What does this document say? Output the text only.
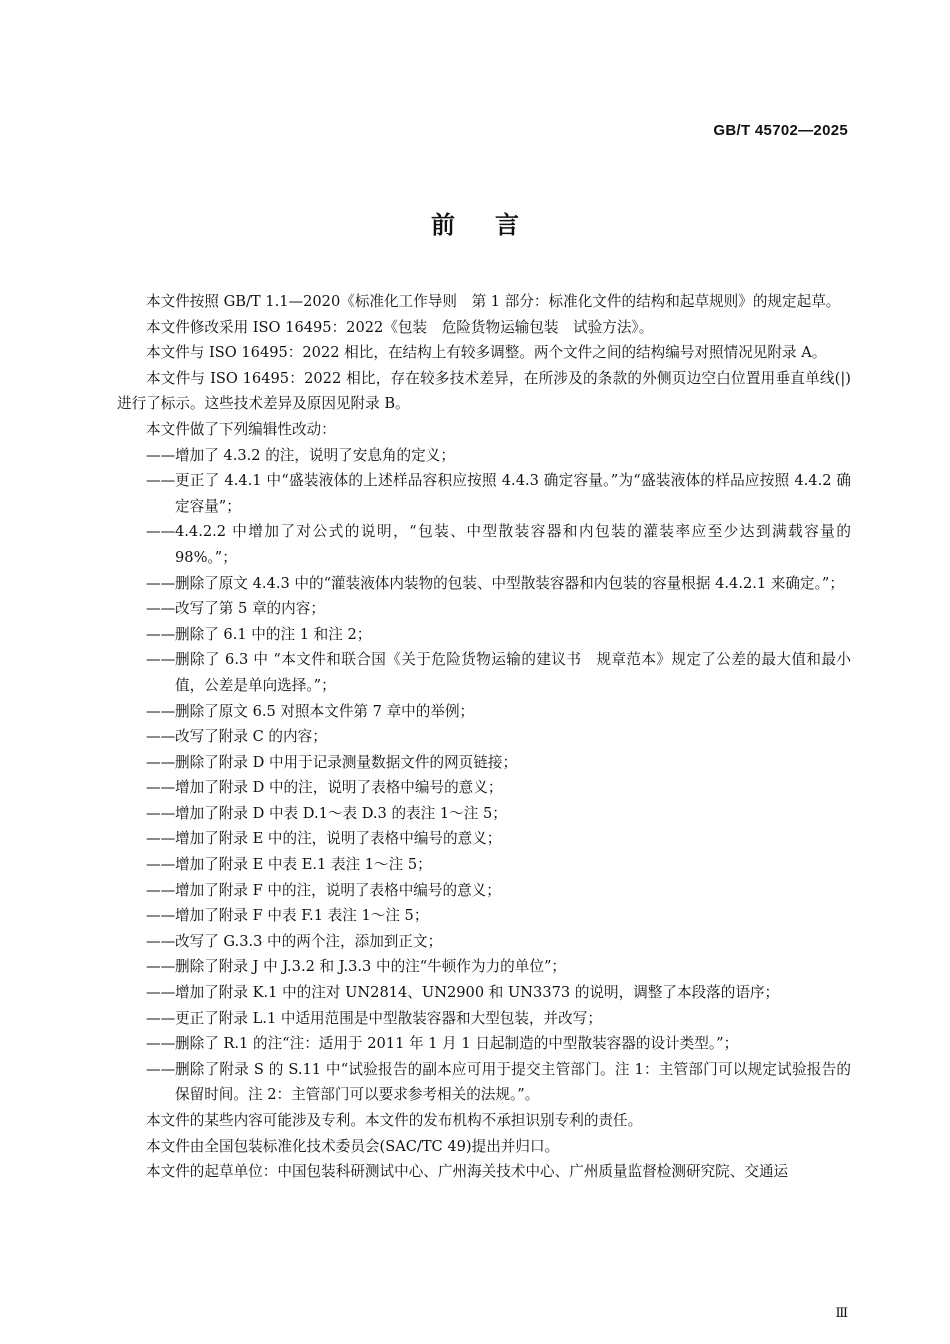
GB/T 45702—2025
前言

本文件按照 GB/T 1.1—2020《标准化工作导则　第 1 部分：标准化文件的结构和起草规则》的规定起草。

本文件修改采用 ISO 16495：2022《包装　危险货物运输包装　试验方法》。

本文件与 ISO 16495：2022 相比，在结构上有较多调整。两个文件之间的结构编号对照情况见附录 A。

本文件与 ISO 16495：2022 相比，存在较多技术差异，在所涉及的条款的外侧页边空白位置用垂直单线(|)进行了标示。这些技术差异及原因见附录 B。

本文件做了下列编辑性改动：

—— 增加了 4.3.2 的注，说明了安息角的定义；

—— 更正了 4.4.1 中“盛装液体的上述样品容积应按照 4.4.3 确定容量。”为“盛装液体的样品应按照 4.4.2 确定容量”；

—— 4.4.2.2 中增加了对公式的说明，“包装、中型散装容器和内包装的灌装率应至少达到满载容量的 98%。”；

—— 删除了原文 4.4.3 中的“灌装液体内装物的包装、中型散装容器和内包装的容量根据 4.4.2.1 来确定。”；

—— 改写了第 5 章的内容；

—— 删除了 6.1 中的注 1 和注 2；

—— 删除了 6.3 中 “本文件和联合国《关于危险货物运输的建议书　规章范本》规定了公差的最大值和最小值，公差是单向选择。”；

—— 删除了原文 6.5 对照本文件第 7 章中的举例；

—— 改写了附录 C 的内容；

—— 删除了附录 D 中用于记录测量数据文件的网页链接；

—— 增加了附录 D 中的注，说明了表格中编号的意义；

—— 增加了附录 D 中表 D.1～表 D.3 的表注 1～注 5；

—— 增加了附录 E 中的注，说明了表格中编号的意义；

—— 增加了附录 E 中表 E.1 表注 1～注 5；

—— 增加了附录 F 中的注，说明了表格中编号的意义；

—— 增加了附录 F 中表 F.1 表注 1～注 5；

—— 改写了 G.3.3 中的两个注，添加到正文；

—— 删除了附录 J 中 J.3.2 和 J.3.3 中的注“牛顿作为力的单位”；

—— 增加了附录 K.1 中的注对 UN2814、UN2900 和 UN3373 的说明，调整了本段落的语序；

—— 更正了附录 L.1 中适用范围是中型散装容器和大型包装，并改写；

—— 删除了 R.1 的注“注：适用于 2011 年 1 月 1 日起制造的中型散装容器的设计类型。”；

—— 删除了附录 S 的 S.11 中“试验报告的副本应可用于提交主管部门。注 1：主管部门可以规定试验报告的保留时间。注 2：主管部门可以要求参考相关的法规。”。

本文件的某些内容可能涉及专利。本文件的发布机构不承担识别专利的责任。

本文件由全国包装标准化技术委员会(SAC/TC 49)提出并归口。

本文件的起草单位：中国包装科研测试中心、广州海关技术中心、广州质量监督检测研究院、交通运

Ⅲ
